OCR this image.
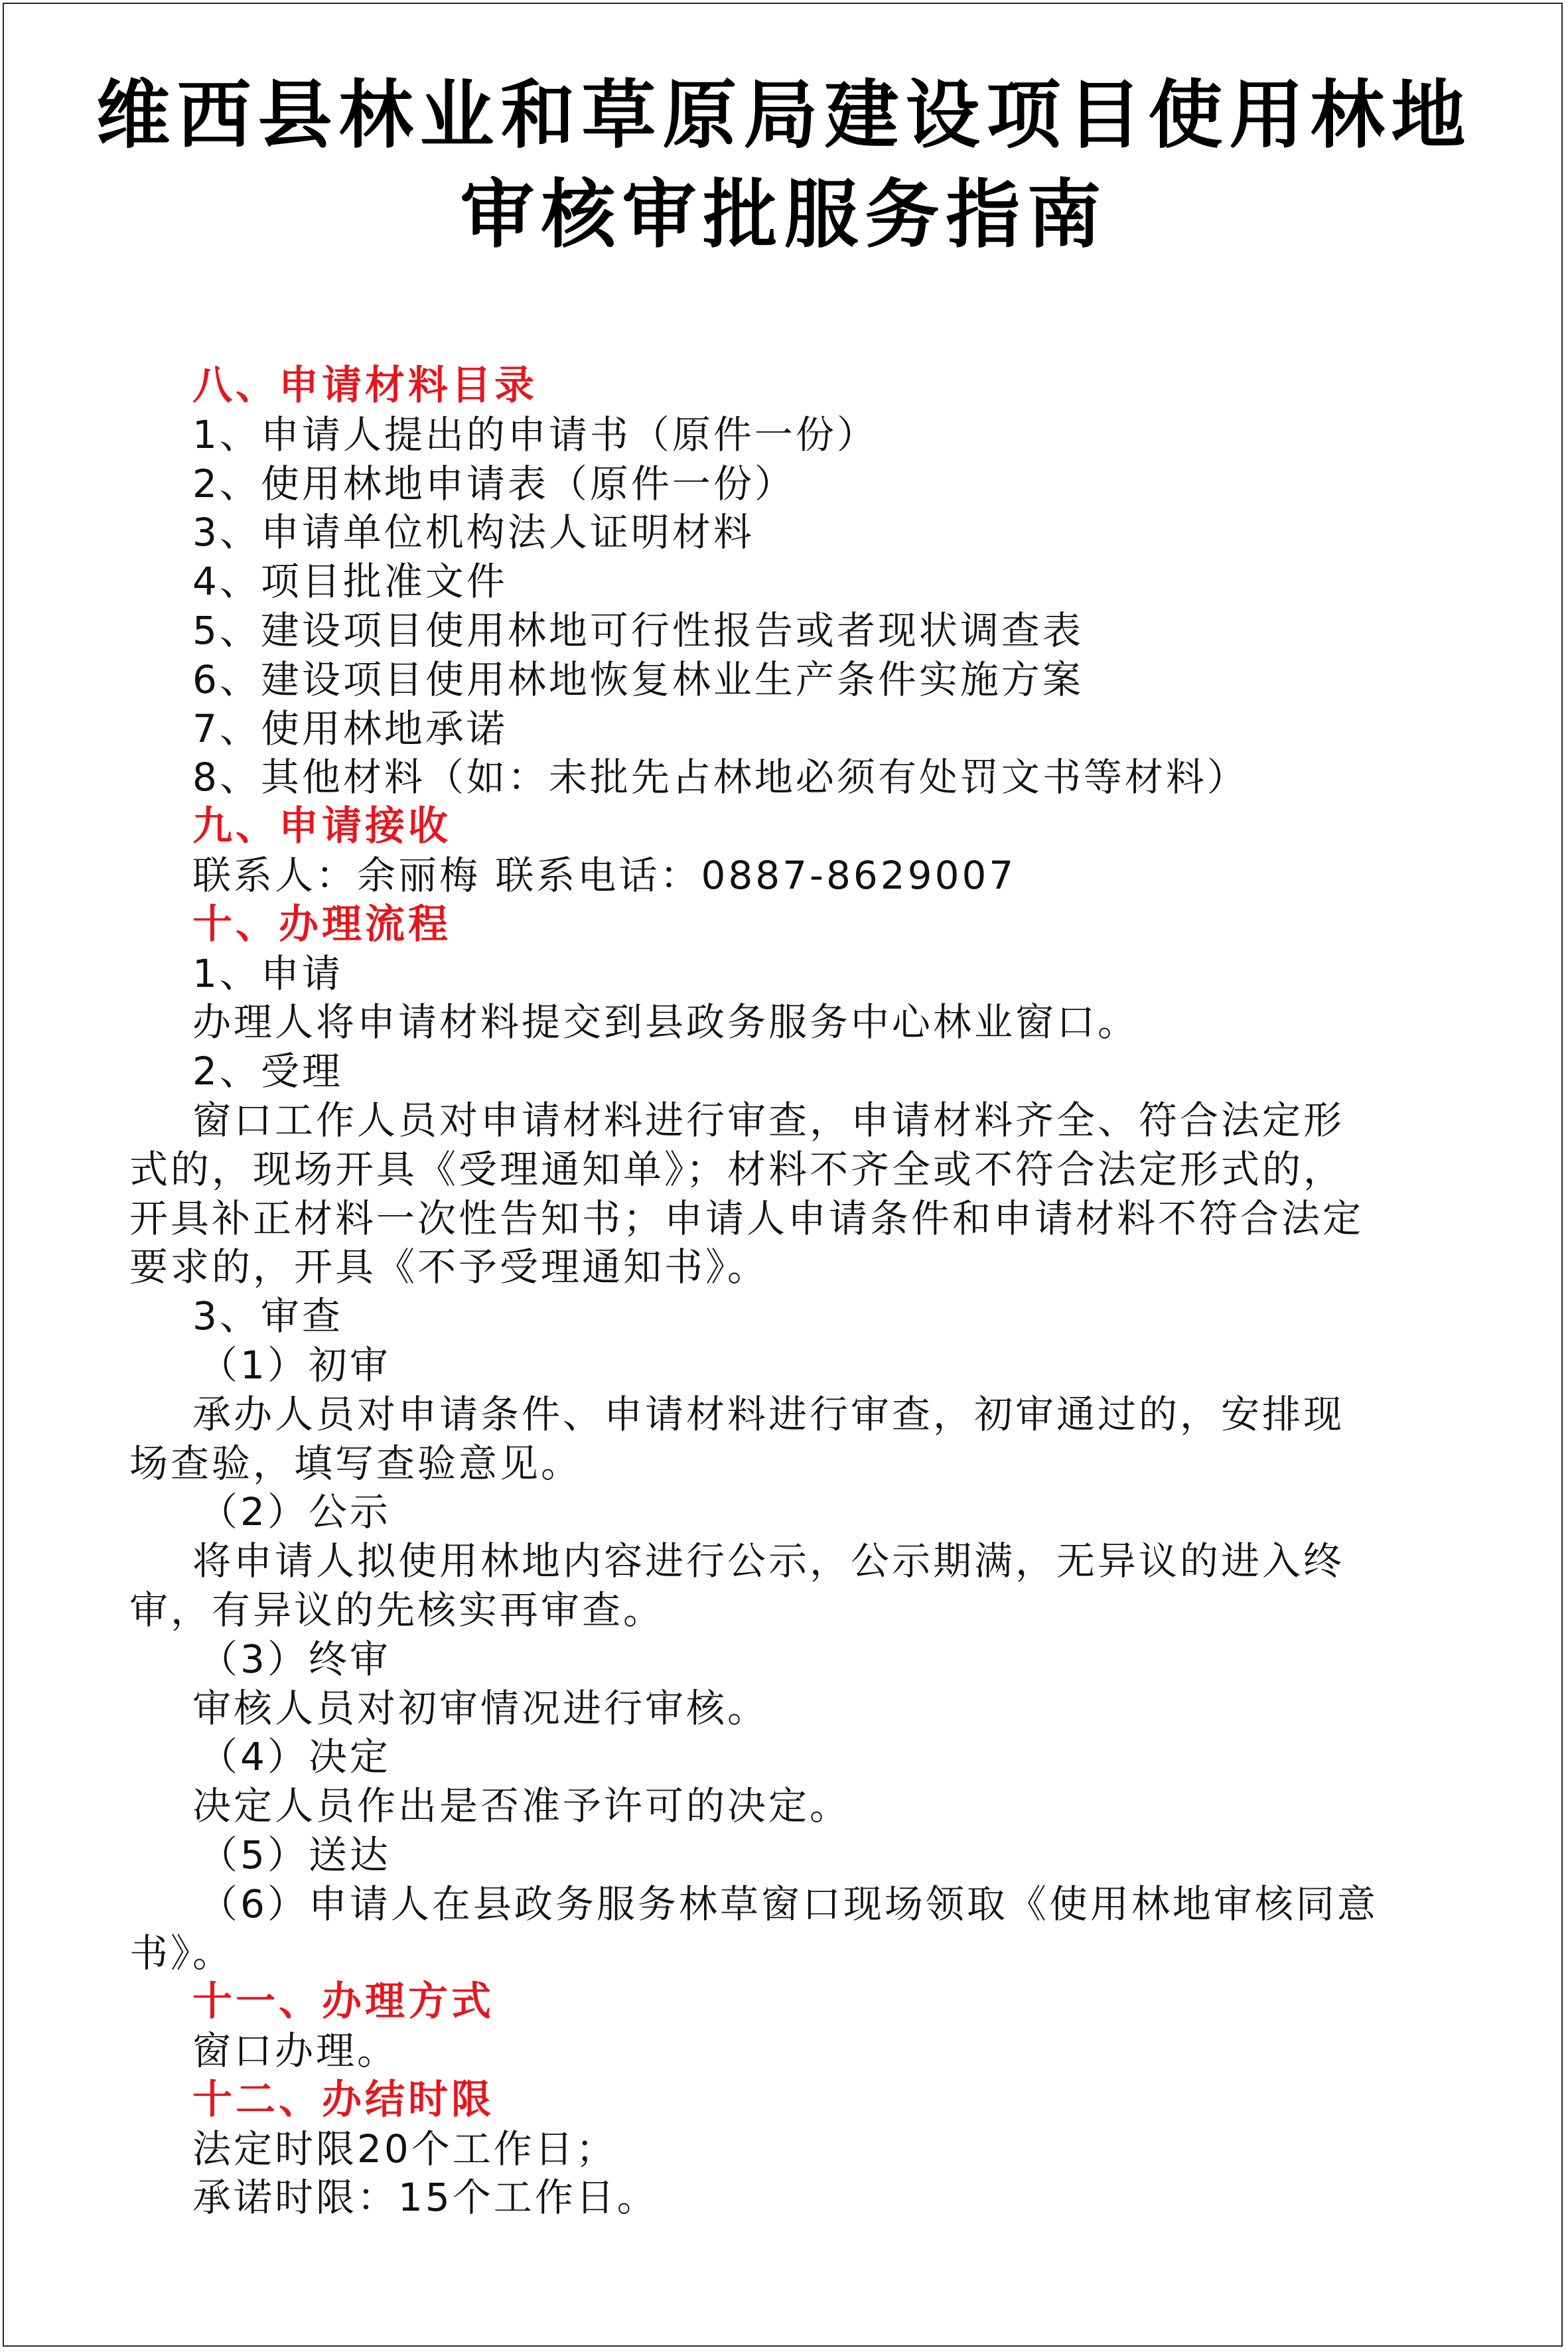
维西县林业和草原局建设项目使用林地
审核审批服务指南
八、申请材料目录
1、申请人提出的申请书（原件一份）
2、使用林地申请表（原件一份）
3、申请单位机构法人证明材料
4、项目批准文件
5、建设项目使用林地可行性报告或者现状调查表
6、建设项目使用林地恢复林业生产条件实施方案
7、使用林地承诺
8、其他材料（如：未批先占林地必须有处罚文书等材料）
九、申请接收
联系人：余丽梅 联系电话：0887-8629007
十、办理流程
1、申请
办理人将申请材料提交到县政务服务中心林业窗口。
2、受理
窗口工作人员对申请材料进行审查，申请材料齐全、符合法定形
式的，现场开具《受理通知单》；材料不齐全或不符合法定形式的，
开具补正材料一次性告知书；申请人申请条件和申请材料不符合法定
要求的，开具《不予受理通知书》。
3、审查
（1）初审
承办人员对申请条件、申请材料进行审查，初审通过的，安排现
场查验，填写查验意见。
（2）公示
将申请人拟使用林地内容进行公示，公示期满，无异议的进入终
审，有异议的先核实再审查。
（3）终审
审核人员对初审情况进行审核。
（4）决定
决定人员作出是否准予许可的决定。
（5）送达
（6）申请人在县政务服务林草窗口现场领取《使用林地审核同意
书》。
十一、办理方式
窗口办理。
十二、办结时限
法定时限20个工作日；
承诺时限：15个工作日。
